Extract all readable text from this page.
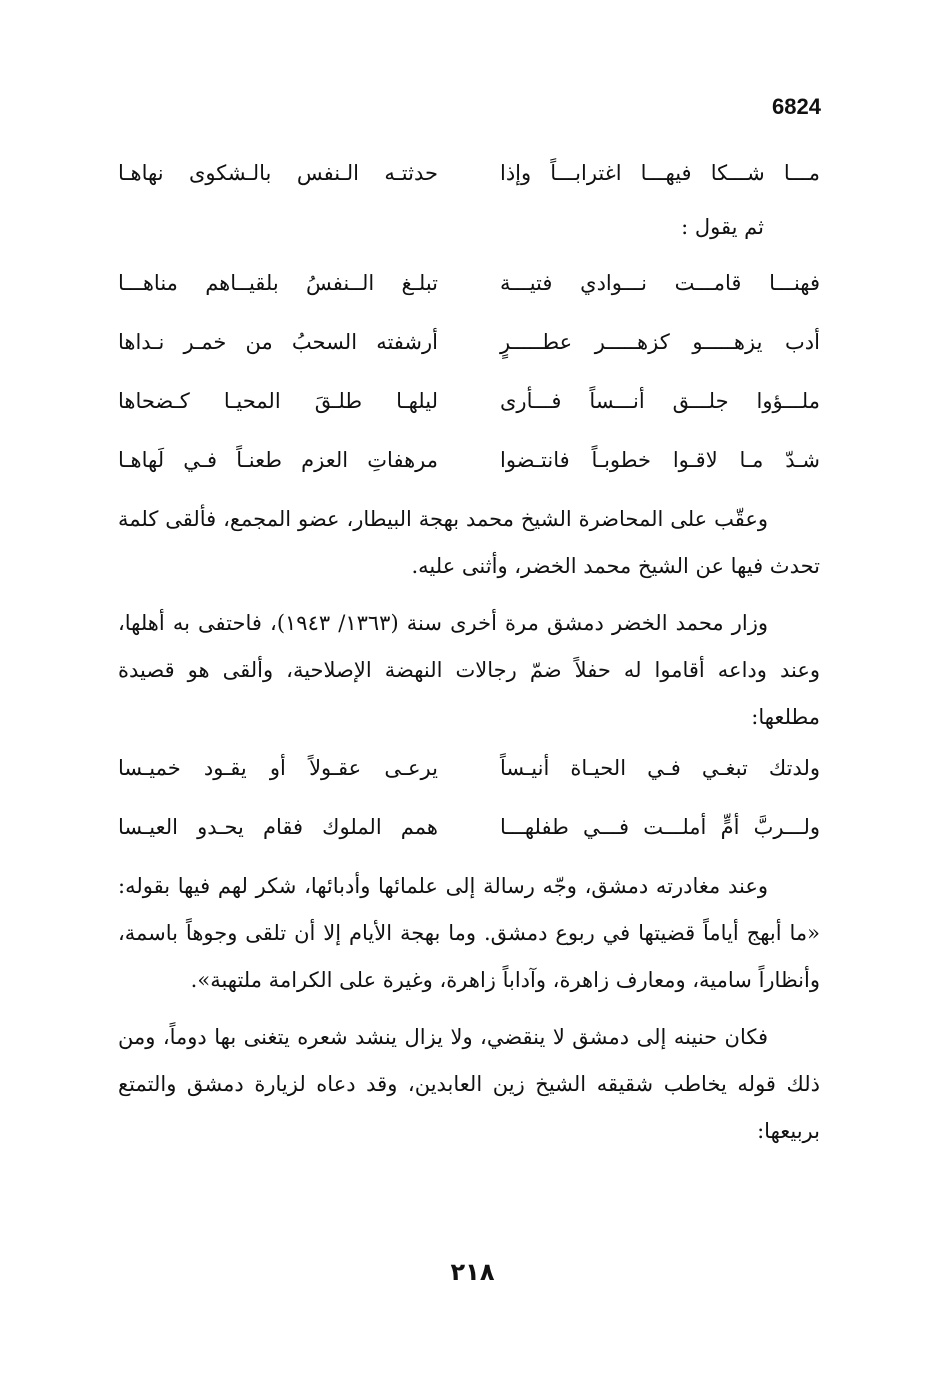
6824
مـــا شـــكا فيهـــا اغترابـــاً وإذا
حدثتـه الـنفس بالـشكوى نهاهـا
ثم يقول :
فهنـــا قامـــت نـــوادي فتيـــة
تبلـغ الــنفسُ بلقيــاهم مناهـــا
أدب يزهـــــو كزهـــــر عطـــــرٍ
أرشفته السحبُ من خمـر نـداها
ملـــؤوا جلـــق أنـــساً فـــأرى
ليلهـا طلـقَ المحيـا كـضحاها
شـدّ مـا لاقـوا خطوبـاً فانتـضوا
مرهفاتِ العزم طعنـاً فـي لَهاهـا

وعقّب على المحاضرة الشيخ محمد بهجة البيطار، عضو المجمع، فألقى كلمة تحدث فيها عن الشيخ محمد الخضر، وأثنى عليه.

وزار محمد الخضر دمشق مرة أخرى سنة (١٣٦٣/ ١٩٤٣)، فاحتفى به أهلها، وعند وداعه أقاموا له حفلاً ضمّ رجالات النهضة الإصلاحية، وألقى هو قصيدة مطلعها:

ولدتك تبغـي فـي الحيـاة أنيـساً
يرعـى عقـولاً أو يقـود خميـسا
ولـــربَّ أمٍّ أملـــت فـــي طفلهـــا
همم الملوك فقام يحـدو العيـسا

وعند مغادرته دمشق، وجّه رسالة إلى علمائها وأدبائها، شكر لهم فيها بقوله: «ما أبهج أياماً قضيتها في ربوع دمشق. وما بهجة الأيام إلا أن تلقى وجوهاً باسمة، وأنظاراً سامية، ومعارف زاهرة، وآداباً زاهرة، وغيرة على الكرامة ملتهبة».

فكان حنينه إلى دمشق لا ينقضي، ولا يزال ينشد شعره يتغنى بها دوماً، ومن ذلك قوله يخاطب شقيقه الشيخ زين العابدين، وقد دعاه لزيارة دمشق والتمتع بربيعها:

٢١٨
